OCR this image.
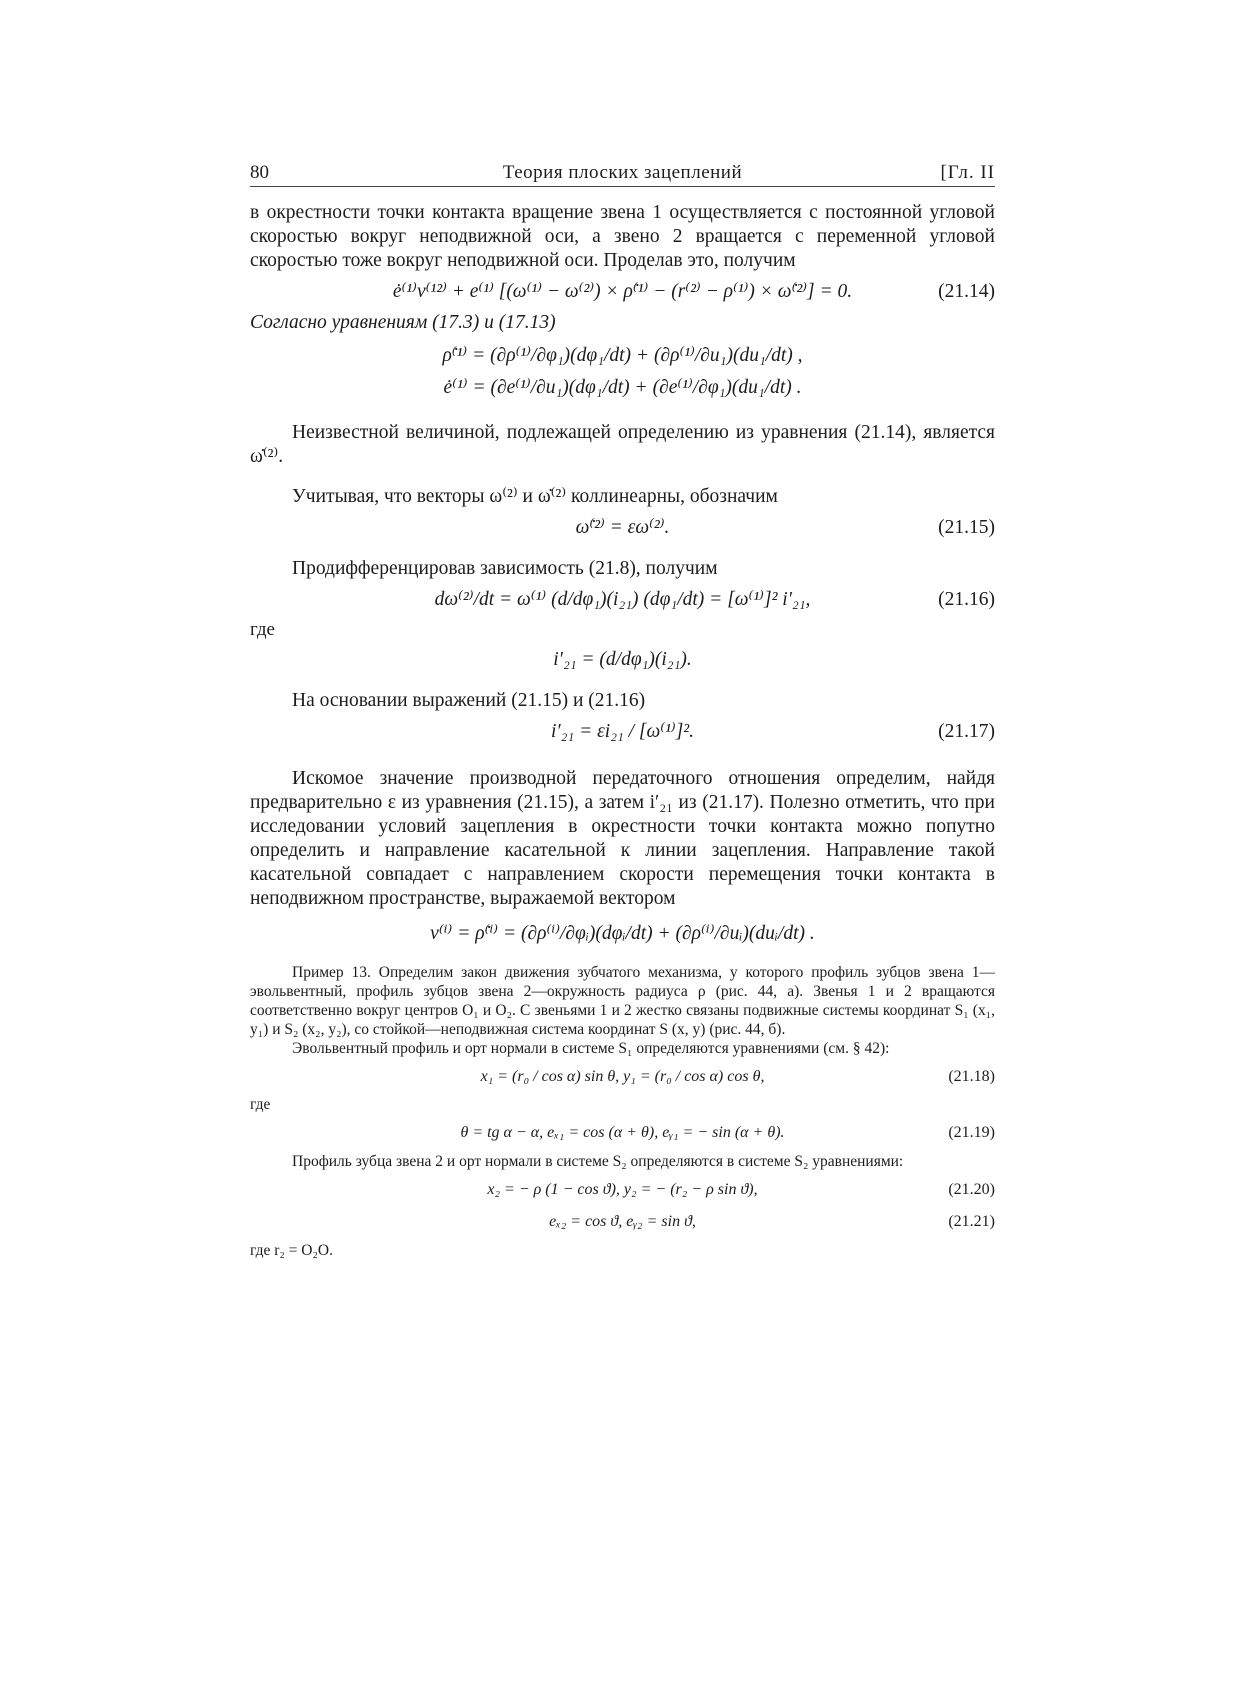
80	Теория плоских зацеплений	[Гл. II

в окрестности точки контакта вращение звена 1 осуществляется с постоянной угловой скоростью вокруг неподвижной оси, а звено 2 вращается с переменной угловой скоростью тоже вокруг неподвижной оси. Проделав это, получим

ė⁽¹⁾v⁽¹²⁾ + e⁽¹⁾ [(ω⁽¹⁾ − ω⁽²⁾) × ρ̇⁽¹⁾ − (r⁽²⁾ − ρ⁽¹⁾) × ω̇⁽²⁾] = 0.	(21.14)

Согласно уравнениям (17.3) и (17.13)

ρ̇⁽¹⁾ = (∂ρ⁽¹⁾/∂φ₁)(dφ₁/dt) + (∂ρ⁽¹⁾/∂u₁)(du₁/dt) ,
ė⁽¹⁾ = (∂e⁽¹⁾/∂u₁)(dφ₁/dt) + (∂e⁽¹⁾/∂φ₁)(du₁/dt) .

Неизвестной величиной, подлежащей определению из уравнения (21.14), является ω̇⁽²⁾.

Учитывая, что векторы ω⁽²⁾ и ω̇⁽²⁾ коллинеарны, обозначим

ω̇⁽²⁾ = εω⁽²⁾.	(21.15)

Продифференцировав зависимость (21.8), получим

dω⁽²⁾/dt = ω⁽¹⁾ (d/dφ₁)(i₂₁) (dφ₁/dt) = [ω⁽¹⁾]² i′₂₁,	(21.16)
где
i′₂₁ = (d/dφ₁)(i₂₁).

На основании выражений (21.15) и (21.16)

i′₂₁ = εi₂₁ / [ω⁽¹⁾]².	(21.17)

Искомое значение производной передаточного отношения определим, найдя предварительно ε из уравнения (21.15), а затем i′₂₁ из (21.17). Полезно отметить, что при исследовании условий зацепления в окрестности точки контакта можно попутно определить и направление касательной к линии зацепления. Направление такой касательной совпадает с направлением скорости перемещения точки контакта в неподвижном пространстве, выражаемой вектором

v⁽ⁱ⁾ = ρ̇⁽ⁱ⁾ = (∂ρ⁽ⁱ⁾/∂φᵢ)(dφᵢ/dt) + (∂ρ⁽ⁱ⁾/∂uᵢ)(duᵢ/dt) .

Пример 13. Определим закон движения зубчатого механизма, у которого профиль зубцов звена 1—эвольвентный, профиль зубцов звена 2—окружность радиуса ρ (рис. 44, а). Звенья 1 и 2 вращаются соответственно вокруг центров O₁ и O₂. С звеньями 1 и 2 жестко связаны подвижные системы координат S₁ (x₁, y₁) и S₂ (x₂, y₂), со стойкой—неподвижная система координат S (x, y) (рис. 44, б).

Эвольвентный профиль и орт нормали в системе S₁ определяются уравнениями (см. § 42):

x₁ = (r₀ / cos α) sin θ, y₁ = (r₀ / cos α) cos θ,	(21.18)
где
θ = tg α − α, eₓ₁ = cos (α + θ), eᵧ₁ = − sin (α + θ).	(21.19)

Профиль зубца звена 2 и орт нормали в системе S₂ определяются в системе S₂ уравнениями:

x₂ = − ρ (1 − cos ϑ), y₂ = − (r₂ − ρ sin ϑ),	(21.20)
eₓ₂ = cos ϑ, eᵧ₂ = sin ϑ,	(21.21)

где r₂ = O₂O.
